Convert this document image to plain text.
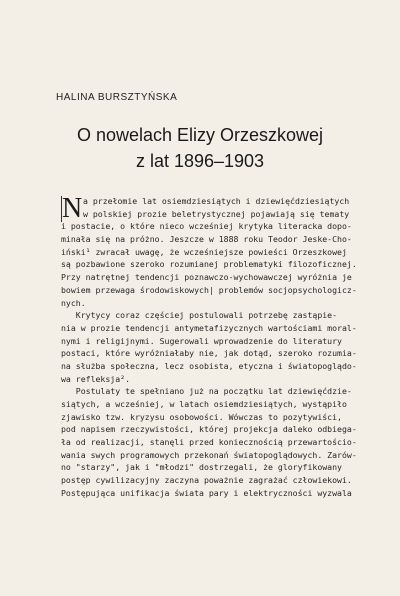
HALINA BURSZTYŃSKA
O nowelach Elizy Orzeszkowej
z lat 1896–1903
N a przełomie lat osiemdziesiątych i dziewięćdziesiątych
w polskiej prozie beletrystycznej pojawiają się tematy
i postacie, o które nieco wcześniej krytyka literacka dopo-
minała się na próżno. Jeszcze w 1888 roku Teodor Jeske-Cho-
iński¹ zwracał uwagę, że wcześniejsze powieści Orzeszkowej
są pozbawione szeroko rozumianej problematyki filozoficznej.
Przy natrętnej tendencji poznawczo-wychowawczej wyróżnia je
bowiem przewaga środowiskowych| problemów socjopsychologicz-
nych.
Krytycy coraz częściej postulowali potrzebę zastąpie-
nia w prozie tendencji antymetafizycznych wartościami moral-
nymi i religijnymi. Sugerowali wprowadzenie do literatury
postaci, które wyróżniałaby nie, jak dotąd, szeroko rozumia-
na służba społeczna, lecz osobista, etyczna i światopoglądo-
wa refleksja².
Postulaty te spełniano już na początku lat dziewięćdzie-
siątych, a wcześniej, w latach osiemdziesiątych, wystąpiło
zjawisko tzw. kryzysu osobowości. Wówczas to pozytywiści,
pod napisem rzeczywistości, której projekcja daleko odbiega-
ła od realizacji, stanęli przed koniecznością przewartościo-
wania swych programowych przekonań światopoglądowych. Zarów-
no "starzy", jak i "młodzi" dostrzegali, że gloryfikowany
postęp cywilizacyjny zaczyna poważnie zagrażać człowiekowi.
Postępująca unifikacja świata pary i elektryczności wyzwala
